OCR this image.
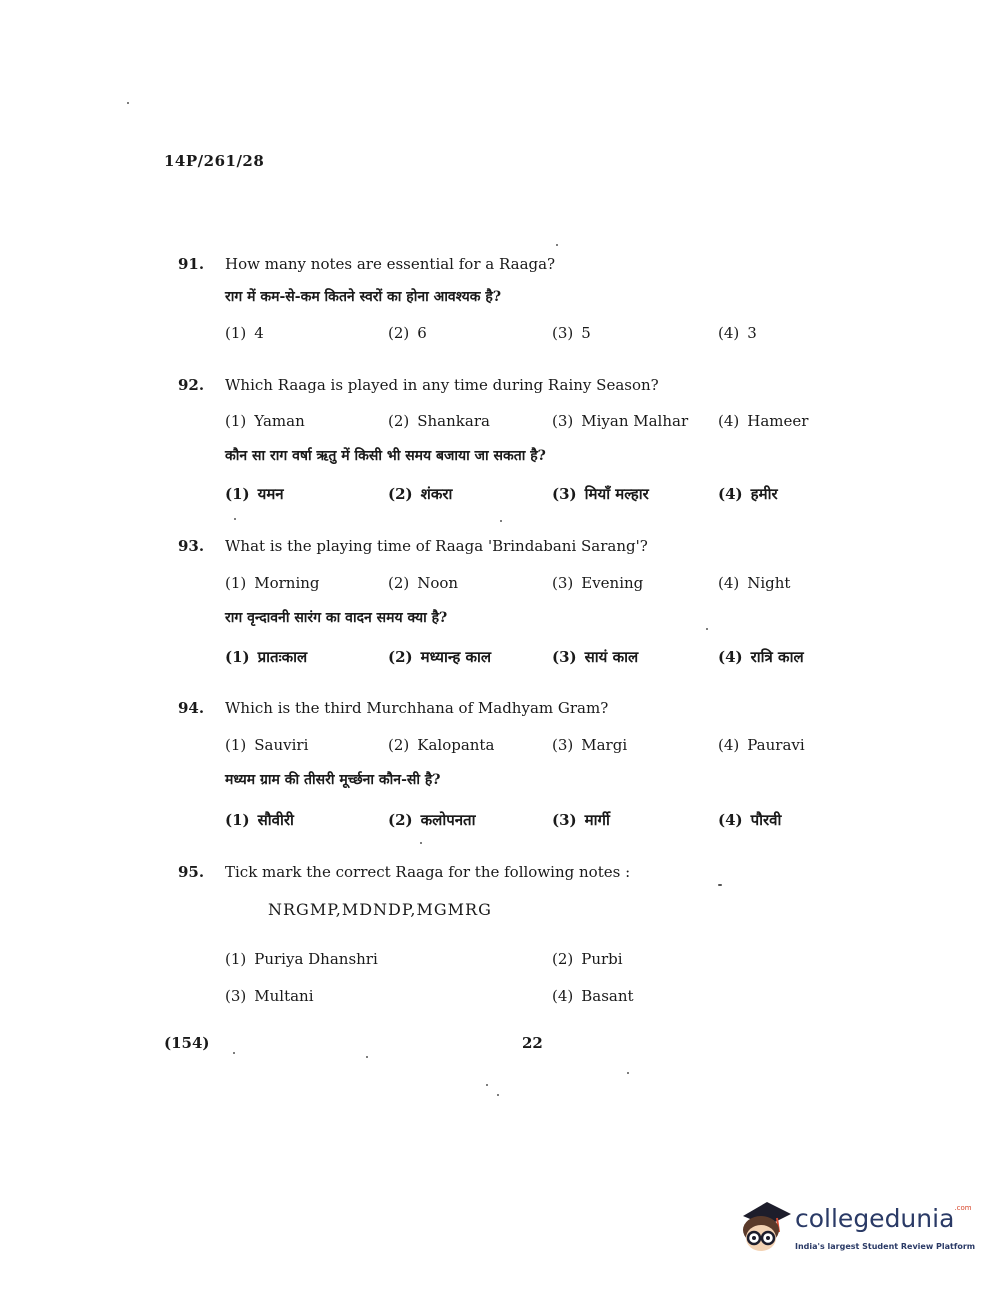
14P/261/28
91. How many notes are essential for a Raaga?
राग में कम-से-कम कितने स्वरों का होना आवश्यक है?
(1) 4	(2) 6	(3) 5	(4) 3
92. Which Raaga is played in any time during Rainy Season?
(1) Yaman	(2) Shankara	(3) Miyan Malhar (4) Hameer
कौन सा राग वर्षा ऋतु में किसी भी समय बजाया जा सकता है?
(1) यमन	(2) शंकरा	(3) मियाँ मल्हार	(4) हमीर
93. What is the playing time of Raaga 'Brindabani Sarang'?
(1) Morning	(2) Noon	(3) Evening	(4) Night
राग वृन्दावनी सारंग का वादन समय क्या है?
(1) प्रातःकाल	(2) मध्यान्ह काल	(3) सायं काल	(4) रात्रि काल
94. Which is the third Murchhana of Madhyam Gram?
(1) Sauviri	(2) Kalopanta	(3) Margi	(4) Pauravi
मध्यम ग्राम की तीसरी मूर्च्छना कौन-सी है?
(1) सौवीरी	(2) कलोपनता	(3) मार्गी	(4) पौरवी
95. Tick mark the correct Raaga for the following notes :
NRGMP,MDNDP,MGMRG
(1) Puriya Dhanshri	(2) Purbi
(3) Multani	(4) Basant
(154)	22
collegedunia$^{.com}$
India's largest Student Review Platform
